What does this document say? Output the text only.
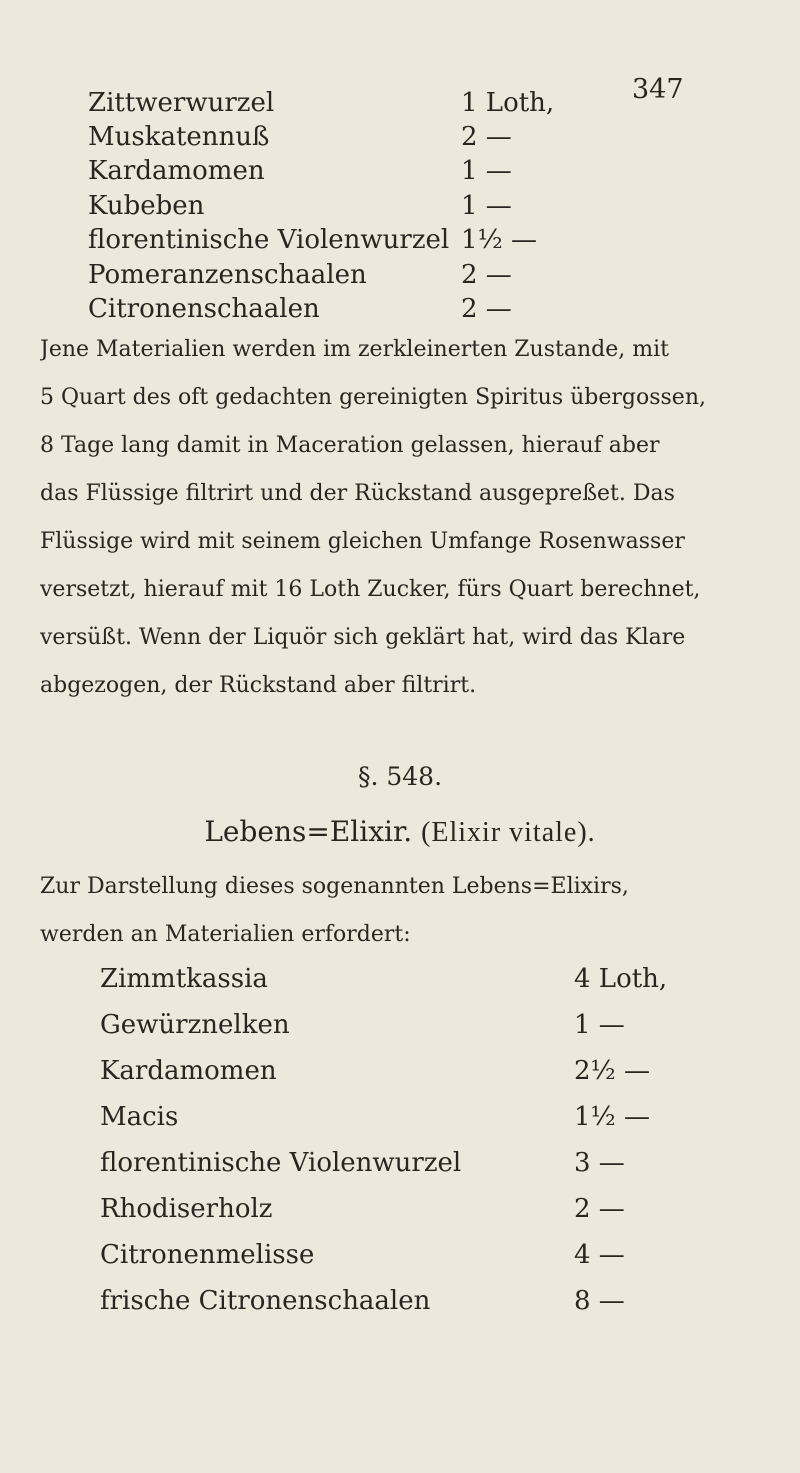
347
Zittwerwurzel	1 Loth,
Muskatennuß	2 —
Kardamomen	1 —
Kubeben	1 —
florentinische Violenwurzel 1½ —
Pomeranzenschaalen	2 —
Citronenschaalen	2 —
Jene Materialien werden im zerkleinerten Zustande, mit
5 Quart des oft gedachten gereinigten Spiritus übergossen,
8 Tage lang damit in Maceration gelassen, hierauf aber
das Flüssige filtrirt und der Rückstand ausgepreßet. Das
Flüssige wird mit seinem gleichen Umfange Rosenwasser
versetzt, hierauf mit 16 Loth Zucker, fürs Quart berechnet,
versüßt. Wenn der Liquör sich geklärt hat, wird das Klare
abgezogen, der Rückstand aber filtrirt.
§. 548.
Lebens=Elixir. (Elixir vitale).
Zur Darstellung dieses sogenannten Lebens=Elixirs,
werden an Materialien erfordert:
Zimmtkassia	4 Loth,
Gewürznelken	1 —
Kardamomen	2½ —
Macis	1½ —
florentinische Violenwurzel	3 —
Rhodiserholz	2 —
Citronenmelisse	4 —
frische Citronenschaalen	8 —
